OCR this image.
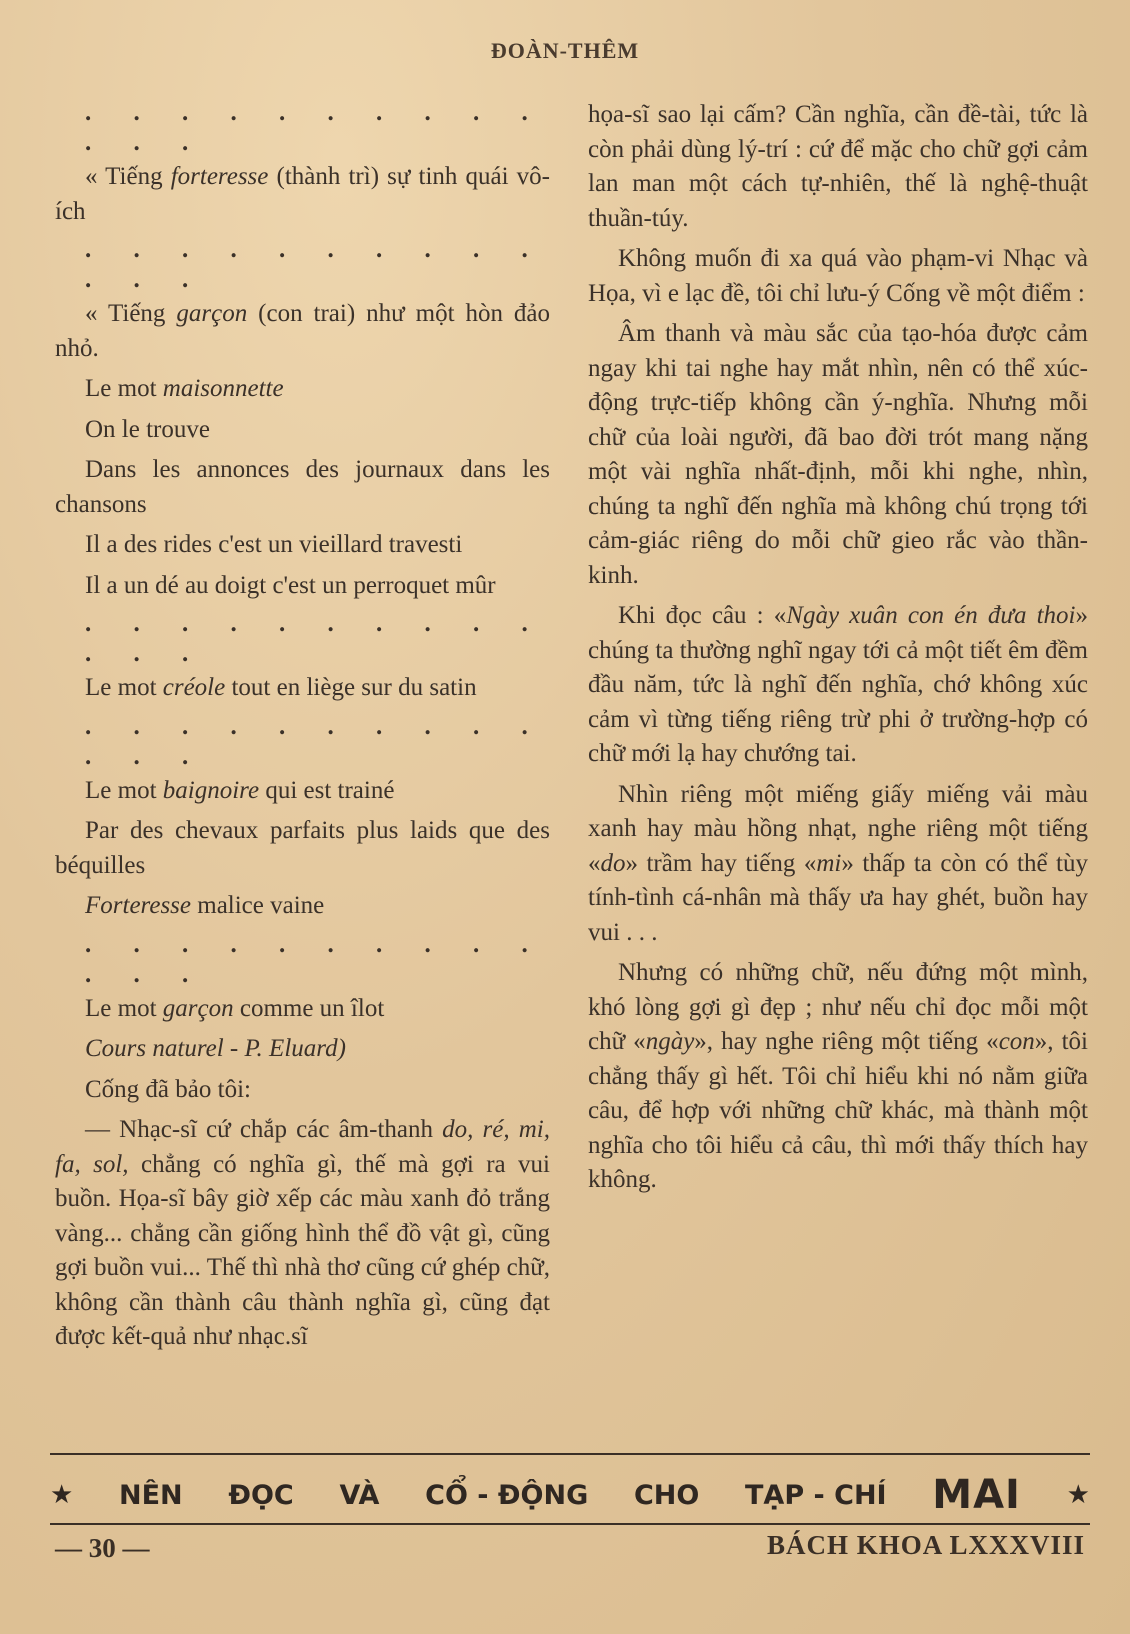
ĐOÀN-THÊM
. . . . . . . . . . . . .

« Tiếng forteresse (thành trì) sự tinh quái vô-ích

. . . . . . . . . . . . .

« Tiếng garçon (con trai) như một hòn đảo nhỏ.

Le mot maisonnette

On le trouve

Dans les annonces des journaux dans les chansons

Il a des rides c'est un vieillard travesti

Il a un dé au doigt c'est un perroquet mûr

. . . . . . . . . . . . .

Le mot créole tout en liège sur du satin

. . . . . . . . . . . . .

Le mot baignoire qui est trainé

Par des chevaux parfaits plus laids que des béquilles

Forteresse malice vaine

. . . . . . . . . . . . .

Le mot garçon comme un îlot

Cours naturel - P. Eluard)

Cống đã bảo tôi:

— Nhạc-sĩ cứ chắp các âm-thanh do, ré, mi, fa, sol, chẳng có nghĩa gì, thế mà gợi ra vui buồn. Họa-sĩ bây giờ xếp các màu xanh đỏ trắng vàng... chẳng cần giống hình thể đồ vật gì, cũng gợi buồn vui... Thế thì nhà thơ cũng cứ ghép chữ, không cần thành câu thành nghĩa gì, cũng đạt được kết-quả như nhạc.sĩ

họa-sĩ sao lại cấm? Cần nghĩa, cần đề-tài, tức là còn phải dùng lý-trí : cứ để mặc cho chữ gợi cảm lan man một cách tự-nhiên, thế là nghệ-thuật thuần-túy.

Không muốn đi xa quá vào phạm-vi Nhạc và Họa, vì e lạc đề, tôi chỉ lưu-ý Cống về một điểm :

Âm thanh và màu sắc của tạo-hóa được cảm ngay khi tai nghe hay mắt nhìn, nên có thể xúc-động trực-tiếp không cần ý-nghĩa. Nhưng mỗi chữ của loài người, đã bao đời trót mang nặng một vài nghĩa nhất-định, mỗi khi nghe, nhìn, chúng ta nghĩ đến nghĩa mà không chú trọng tới cảm-giác riêng do mỗi chữ gieo rắc vào thần-kinh.

Khi đọc câu : «Ngày xuân con én đưa thoi» chúng ta thường nghĩ ngay tới cả một tiết êm đềm đầu năm, tức là nghĩ đến nghĩa, chớ không xúc cảm vì từng tiếng riêng trừ phi ở trường-hợp có chữ mới lạ hay chướng tai.

Nhìn riêng một miếng giấy miếng vải màu xanh hay màu hồng nhạt, nghe riêng một tiếng «do» trầm hay tiếng «mi» thấp ta còn có thể tùy tính-tình cá-nhân mà thấy ưa hay ghét, buồn hay vui . . .

Nhưng có những chữ, nếu đứng một mình, khó lòng gợi gì đẹp ; như nếu chỉ đọc mỗi một chữ «ngày», hay nghe riêng một tiếng «con», tôi chẳng thấy gì hết. Tôi chỉ hiểu khi nó nằm giữa câu, để hợp với những chữ khác, mà thành một nghĩa cho tôi hiểu cả câu, thì mới thấy thích hay không.

★ NÊN ĐỌC VÀ CỔ - ĐỘNG CHO TẠP - CHÍ MAI ★
— 30 —	BÁCH KHOA LXXXVIII
